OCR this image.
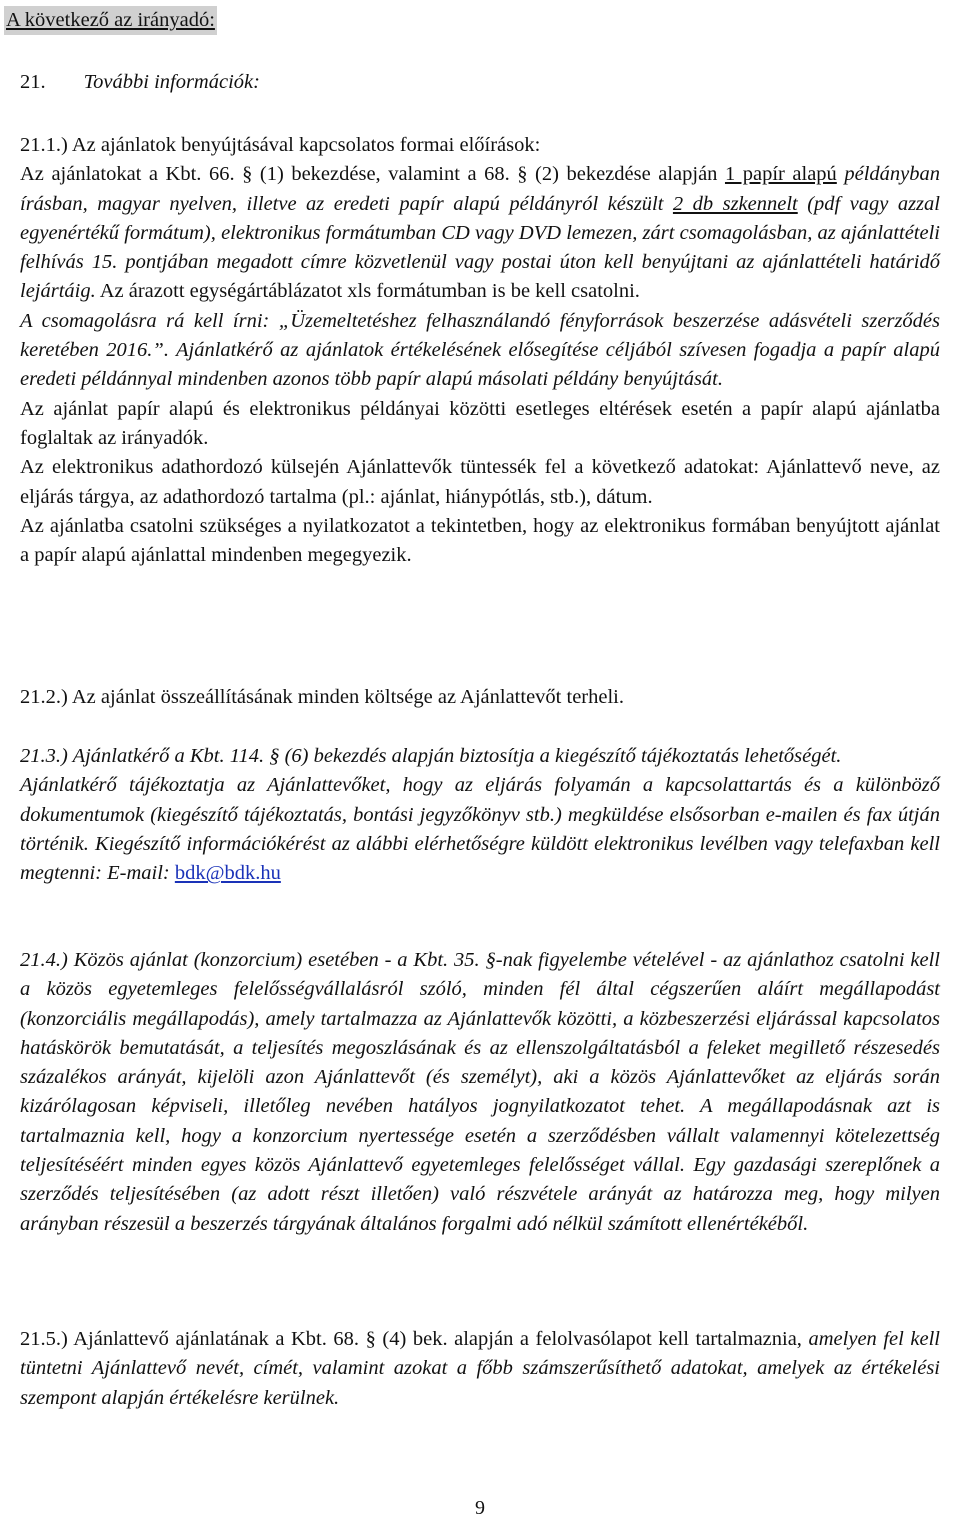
A következő az irányadó:
21. További információk:

21.1.) Az ajánlatok benyújtásával kapcsolatos formai előírások:

Az ajánlatokat a Kbt. 66. § (1) bekezdése, valamint a 68. § (2) bekezdése alapján 1 papír alapú példányban írásban, magyar nyelven, illetve az eredeti papír alapú példányról készült 2 db szkennelt (pdf vagy azzal egyenértékű formátum), elektronikus formátumban CD vagy DVD lemezen, zárt csomagolásban, az ajánlattételi felhívás 15. pontjában megadott címre közvetlenül vagy postai úton kell benyújtani az ajánlattételi határidő lejártáig. Az árazott egységártáblázatot xls formátumban is be kell csatolni.

A csomagolásra rá kell írni: „Üzemeltetéshez felhasználandó fényforrások beszerzése adásvételi szerződés keretében 2016.”. Ajánlatkérő az ajánlatok értékelésének elősegítése céljából szívesen fogadja a papír alapú eredeti példánnyal mindenben azonos több papír alapú másolati példány benyújtását.

Az ajánlat papír alapú és elektronikus példányai közötti esetleges eltérések esetén a papír alapú ajánlatba foglaltak az irányadók.

Az elektronikus adathordozó külsején Ajánlattevők tüntessék fel a következő adatokat: Ajánlattevő neve, az eljárás tárgya, az adathordozó tartalma (pl.: ajánlat, hiánypótlás, stb.), dátum.

Az ajánlatba csatolni szükséges a nyilatkozatot a tekintetben, hogy az elektronikus formában benyújtott ajánlat a papír alapú ajánlattal mindenben megegyezik.

21.2.) Az ajánlat összeállításának minden költsége az Ajánlattevőt terheli.

21.3.) Ajánlatkérő a Kbt. 114. § (6) bekezdés alapján biztosítja a kiegészítő tájékoztatás lehetőségét.

Ajánlatkérő tájékoztatja az Ajánlattevőket, hogy az eljárás folyamán a kapcsolattartás és a különböző dokumentumok (kiegészítő tájékoztatás, bontási jegyzőkönyv stb.) megküldése elsősorban e-mailen és fax útján történik. Kiegészítő információkérést az alábbi elérhetőségre küldött elektronikus levélben vagy telefaxban kell megtenni: E-mail: bdk@bdk.hu

21.4.) Közös ajánlat (konzorcium) esetében - a Kbt. 35. §-nak figyelembe vételével - az ajánlathoz csatolni kell a közös egyetemleges felelősségvállalásról szóló, minden fél által cégszerűen aláírt megállapodást (konzorciális megállapodás), amely tartalmazza az Ajánlattevők közötti, a közbeszerzési eljárással kapcsolatos hatáskörök bemutatását, a teljesítés megoszlásának és az ellenszolgáltatásból a feleket megillető részesedés százalékos arányát, kijelöli azon Ajánlattevőt (és személyt), aki a közös Ajánlattevőket az eljárás során kizárólagosan képviseli, illetőleg nevében hatályos jognyilatkozatot tehet. A megállapodásnak azt is tartalmaznia kell, hogy a konzorcium nyertessége esetén a szerződésben vállalt valamennyi kötelezettség teljesítéséért minden egyes közös Ajánlattevő egyetemleges felelősséget vállal. Egy gazdasági szereplőnek a szerződés teljesítésében (az adott részt illetően) való részvétele arányát az határozza meg, hogy milyen arányban részesül a beszerzés tárgyának általános forgalmi adó nélkül számított ellenértékéből.

21.5.) Ajánlattevő ajánlatának a Kbt. 68. § (4) bek. alapján a felolvasólapot kell tartalmaznia, amelyen fel kell tüntetni Ajánlattevő nevét, címét, valamint azokat a főbb számszerűsíthető adatokat, amelyek az értékelési szempont alapján értékelésre kerülnek.

9
